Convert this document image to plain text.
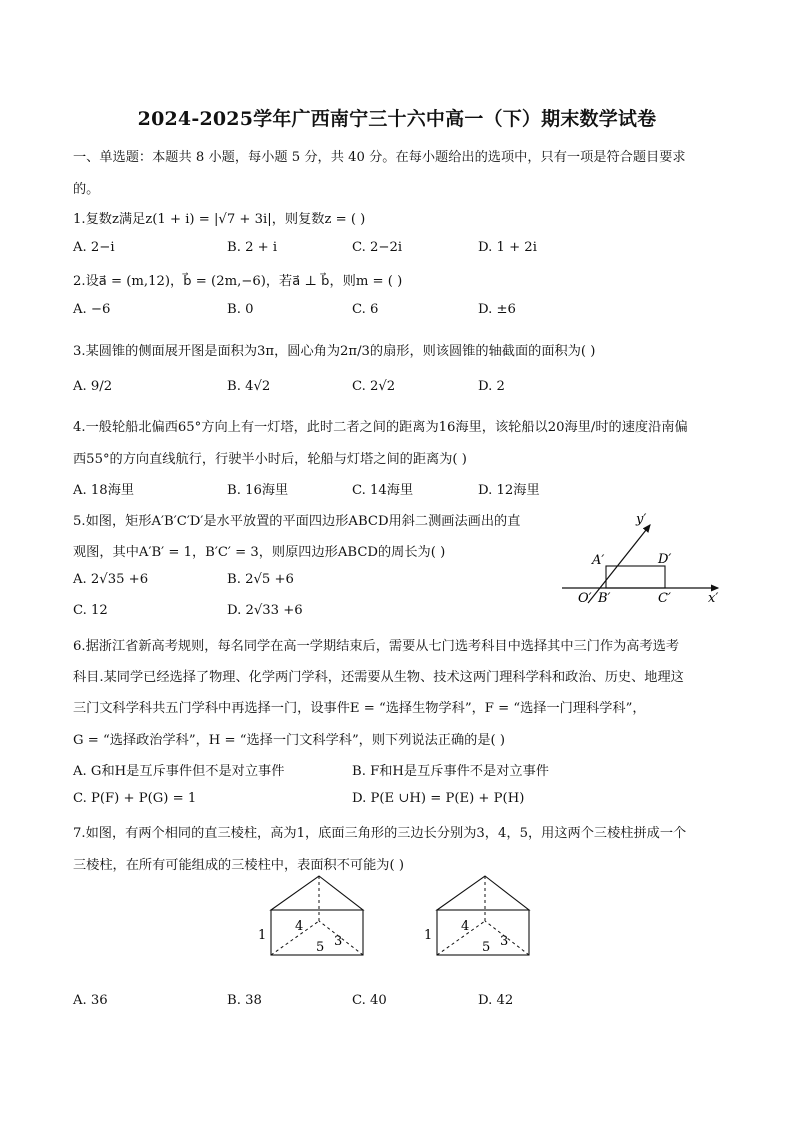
2024-2025学年广西南宁三十六中高一（下）期末数学试卷
一、单选题：本题共 8 小题，每小题 5 分，共 40 分。在每小题给出的选项中，只有一项是符合题目要求
的。
1.复数z满足z(1 + i) = |√7 + 3i|，则复数z = ( )
A. 2−i	B. 2 + i	C. 2−2i	D. 1 + 2i
2.设a⃗ = (m,12)，b⃗ = (2m,−6)，若a⃗ ⊥ b⃗，则m = ( )
A. −6	B. 0	C. 6	D. ±6
3.某圆锥的侧面展开图是面积为3π，圆心角为2π/3的扇形，则该圆锥的轴截面的面积为( )
A. 9/2	B. 4√2	C. 2√2	D. 2
4.一般轮船北偏西65°方向上有一灯塔，此时二者之间的距离为16海里，该轮船以20海里/时的速度沿南偏
西55°的方向直线航行，行驶半小时后，轮船与灯塔之间的距离为( )
A. 18海里	B. 16海里	C. 14海里	D. 12海里
5.如图，矩形A′B′C′D′是水平放置的平面四边形ABCD用斜二测画法画出的直
观图，其中A′B′ = 1，B′C′ = 3，则原四边形ABCD的周长为( )
A. 2√35 +6	B. 2√5 +6
C. 12	D. 2√33 +6
y′
x′
O′ B′	C′
A′	D′
6.据浙江省新高考规则，每名同学在高一学期结束后，需要从七门选考科目中选择其中三门作为高考选考
科目.某同学已经选择了物理、化学两门学科，还需要从生物、技术这两门理科学科和政治、历史、地理这
三门文科学科共五门学科中再选择一门，设事件E = “选择生物学科”，F = “选择一门理科学科”，
G = “选择政治学科”，H = “选择一门文科学科”，则下列说法正确的是( )
A. G和H是互斥事件但不是对立事件	B. F和H是互斥事件不是对立事件
C. P(F) + P(G) = 1	D. P(E ∪H) = P(E) + P(H)
7.如图，有两个相同的直三棱柱，高为1，底面三角形的三边长分别为3，4，5，用这两个三棱柱拼成一个
三棱柱，在所有可能组成的三棱柱中，表面积不可能为( )
1
4
5 3	1
4
5 3
A. 36	B. 38	C. 40	D. 42
